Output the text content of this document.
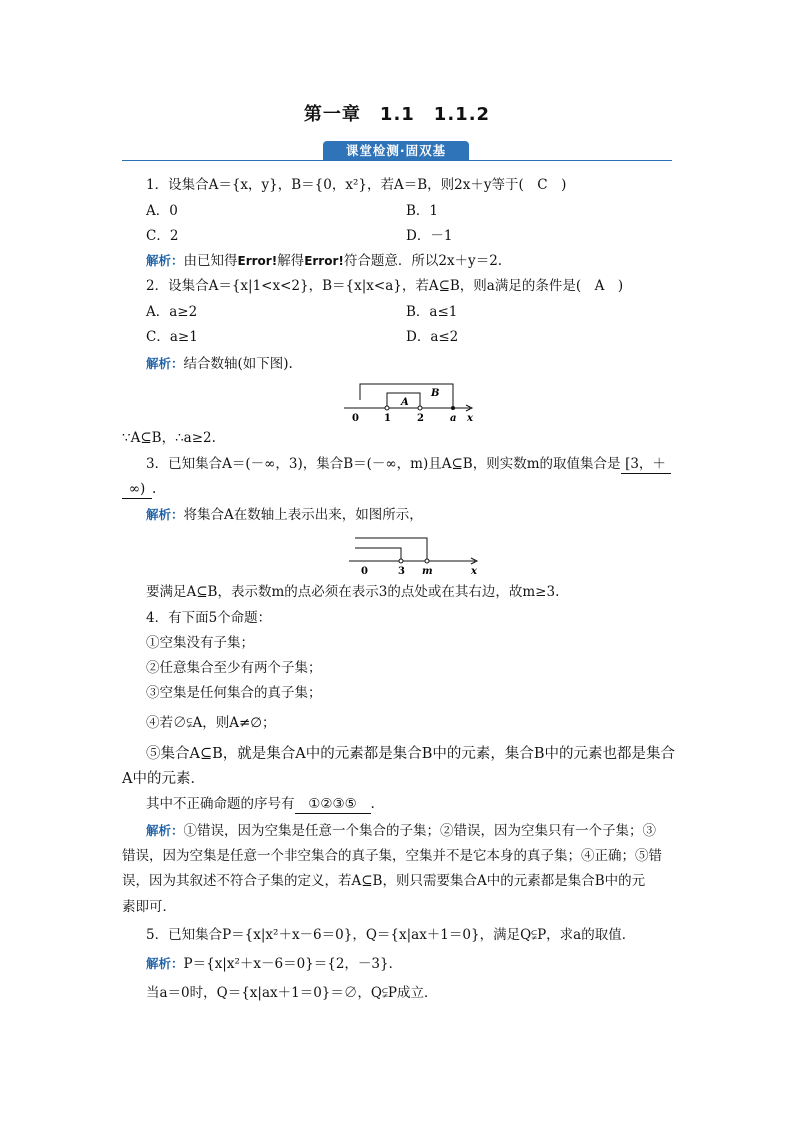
第一章　1.1　1.1.2
课堂检测·固双基
1．设集合A＝{x，y}，B＝{0，x²}，若A＝B，则2x＋y等于(　C　)
A．0	B．1
C．2	D．－1
解析：由已知得Error!解得Error!符合题意．所以2x＋y＝2.
2．设集合A＝{x|1<x<2}，B＝{x|x<a}，若A⊆B，则a满足的条件是(　A　)
A．a≥2	B．a≤1
C．a≥1	D．a≤2
解析：结合数轴(如下图).
B
A
0	1	2	a x
∵A⊆B，∴a≥2.
3．已知集合A＝(－∞，3)，集合B＝(－∞，m)且A⊆B，则实数m的取值集合是 [3，＋
∞) .
解析：将集合A在数轴上表示出来，如图所示，
0	3 m	x
要满足A⊆B，表示数m的点必须在表示3的点处或在其右边，故m≥3.
4．有下面5个命题：
①空集没有子集；
②任意集合至少有两个子集；
③空集是任何集合的真子集；
④若∅⫋A，则A≠∅；
⑤集合A⊆B，就是集合A中的元素都是集合B中的元素，集合B中的元素也都是集合
A中的元素．
其中不正确命题的序号有 ①②③⑤ .
解析：①错误，因为空集是任意一个集合的子集；②错误，因为空集只有一个子集；③
错误，因为空集是任意一个非空集合的真子集，空集并不是它本身的真子集；④正确；⑤错
误，因为其叙述不符合子集的定义，若A⊆B，则只需要集合A中的元素都是集合B中的元
素即可．
5．已知集合P＝{x|x²＋x－6＝0}，Q＝{x|ax＋1＝0}，满足Q⫋P，求a的取值．
解析：P＝{x|x²＋x－6＝0}＝{2，－3}．
当a＝0时，Q＝{x|ax＋1＝0}＝∅，Q⫋P成立．
